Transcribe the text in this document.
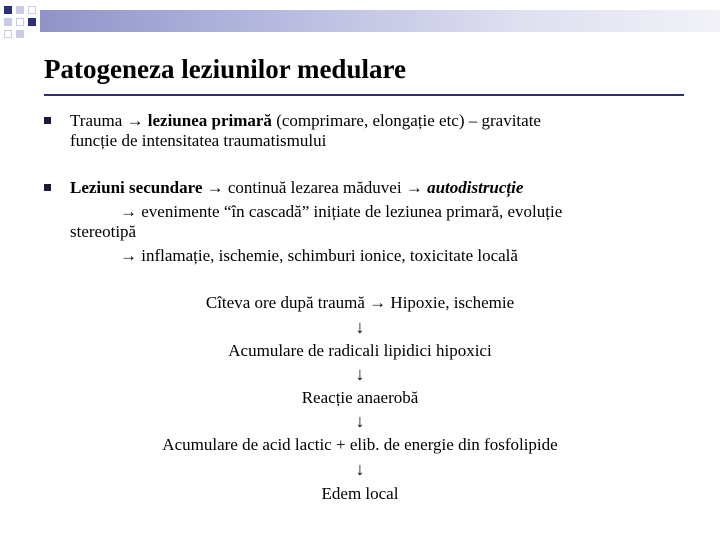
Patogeneza leziunilor medulare
Trauma → leziunea primară (comprimare, elongație etc) – gravitate
funcție de intensitatea traumatismului
Leziuni secundare → continuă lezarea măduvei → autodistrucție
→ evenimente “în cascadă” inițiate de leziunea primară, evoluție
stereotipă
→ inflamație, ischemie, schimburi ionice, toxicitate locală
Cîteva ore după traumă → Hipoxie, ischemie
↓
Acumulare de radicali lipidici hipoxici
↓
Reacție anaerobă
↓
Acumulare de acid lactic + elib. de energie din fosfolipide
↓
Edem local
